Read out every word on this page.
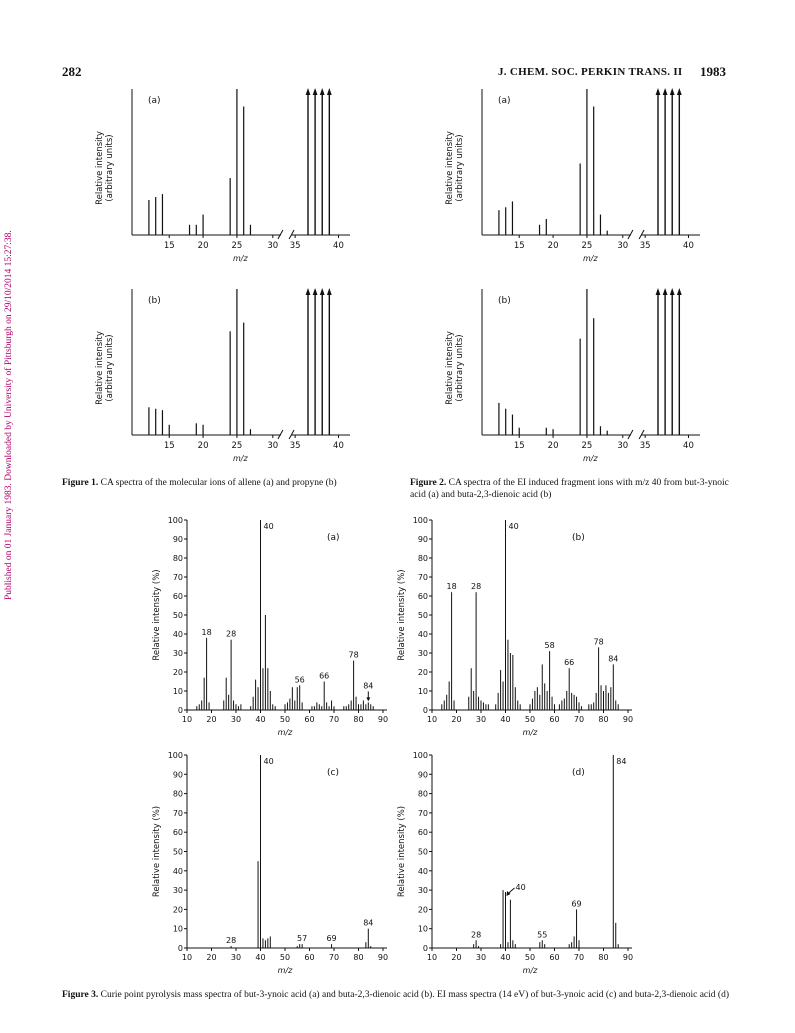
282	J. CHEM. SOC. PERKIN TRANS. II 1983
Published on 01 January 1983. Downloaded by University of Pittsburgh on 29/10/2014 15:27:38.	15	20	25	30 35	40
(a)
m/z
Relative intensity (arbitrary units)
15	20	25	30 35	40
(b)
m/z
Relative intensity (arbitrary units)
15	20	25	30 35	40
(a)
m/z
Relative intensity (arbitrary units)
15	20	25	30 35	40
(b)
m/z
Relative intensity (arbitrary units)
Figure 1. CA spectra of the molecular ions of allene (a) and propyne (b)	Figure 2. CA spectra of the EI induced fragment ions with m/z 40 from but-3-ynoic acid (a) and buta-2,3-dienoic acid (b)
0
10
20
30
40
50
60
70
80
90
100
10 20 30 40 50 60 70 80 90
18 28
40
56 66
78
84
(a)
m/z
Relative intensity (%)
0
10
20
30
40
50
60
70
80
90
100
10 20 30 40 50 60 70 80 90
18 28
40
58
66
78
84
(b)
m/z
Relative intensity (%)
0
10
20
30
40
50
60
70
80
90
100
10 20 30 40 50 60 70 80 90
28
40
57 69
84
(c)
m/z
Relative intensity (%)
0
10
20
30
40
50
60
70
80
90
100
10 20 30 40 50 60 70 80 90
28	55
69
84
40
(d)
m/z
Relative intensity (%)
Figure 3. Curie point pyrolysis mass spectra of but-3-ynoic acid (a) and buta-2,3-dienoic acid (b). EI mass spectra (14 eV) of but-3-ynoic acid (c) and buta-2,3-dienoic acid (d)
